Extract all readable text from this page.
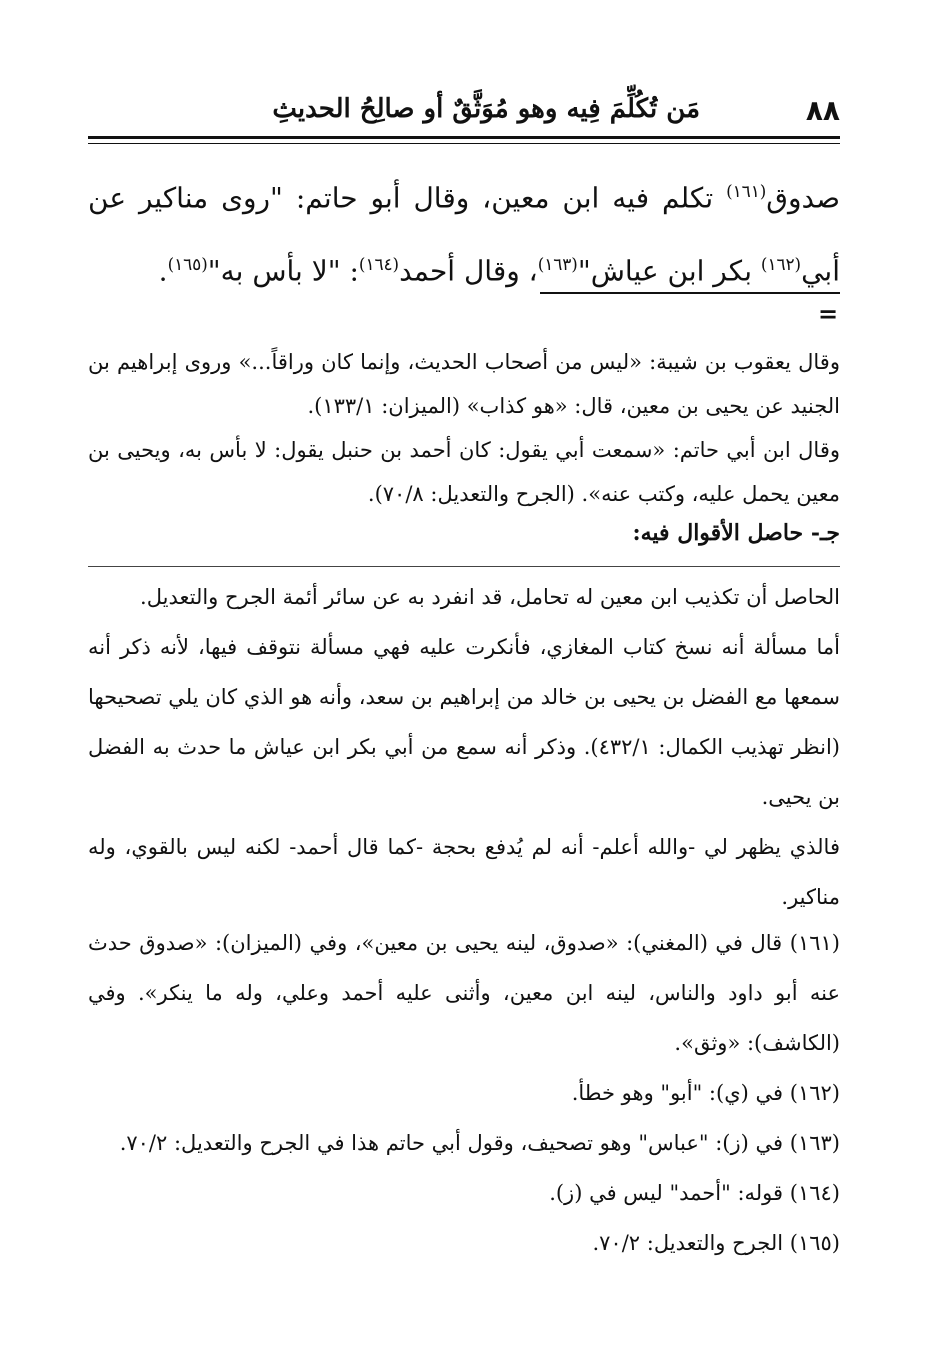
مَن تُكُلِّمَ فِيه وهو مُوَثَّقٌ أو صالِحُ الحديثِ	٨٨

صدوق$^{(١٦١)}$ تكلم فيه ابن معين، وقال أبو حاتم: "روى مناكير عن أبي$^{(١٦٢)}$ بكر ابن عياش"$^{(١٦٣)}$، وقال أحمد$^{(١٦٤)}$: "لا بأس به"$^{(١٦٥)}$.

=

وقال يعقوب بن شيبة: «ليس من أصحاب الحديث، وإنما كان وراقاً...» وروى إبراهيم بن الجنيد عن يحيى بن معين، قال: «هو كذاب» (الميزان: ١٣٣/١).

وقال ابن أبي حاتم: «سمعت أبي يقول: كان أحمد بن حنبل يقول: لا بأس به، ويحيى بن معين يحمل عليه، وكتب عنه». (الجرح والتعديل: ٧٠/٨).

جـ- حاصل الأقوال فيه:

الحاصل أن تكذيب ابن معين له تحامل، قد انفرد به عن سائر أئمة الجرح والتعديل.

أما مسألة أنه نسخ كتاب المغازي، فأنكرت عليه فهي مسألة نتوقف فيها، لأنه ذكر أنه سمعها مع الفضل بن يحيى بن خالد من إبراهيم بن سعد، وأنه هو الذي كان يلي تصحيحها (انظر تهذيب الكمال: ٤٣٢/١). وذكر أنه سمع من أبي بكر ابن عياش ما حدث به الفضل بن يحيى.

فالذي يظهر لي -والله أعلم- أنه لم يُدفع بحجة -كما قال أحمد- لكنه ليس بالقوي، وله مناكير.

(١٦١) قال في (المغني): «صدوق، لينه يحيى بن معين»، وفي (الميزان): «صدوق حدث عنه أبو داود والناس، لينه ابن معين، وأثنى عليه أحمد وعلي، وله ما ينكر». وفي (الكاشف): «وثق».

(١٦٢) في (ي): "أبو" وهو خطأ.

(١٦٣) في (ز): "عباس" وهو تصحيف، وقول أبي حاتم هذا في الجرح والتعديل: ٧٠/٢.

(١٦٤) قوله: "أحمد" ليس في (ز).

(١٦٥) الجرح والتعديل: ٧٠/٢.
